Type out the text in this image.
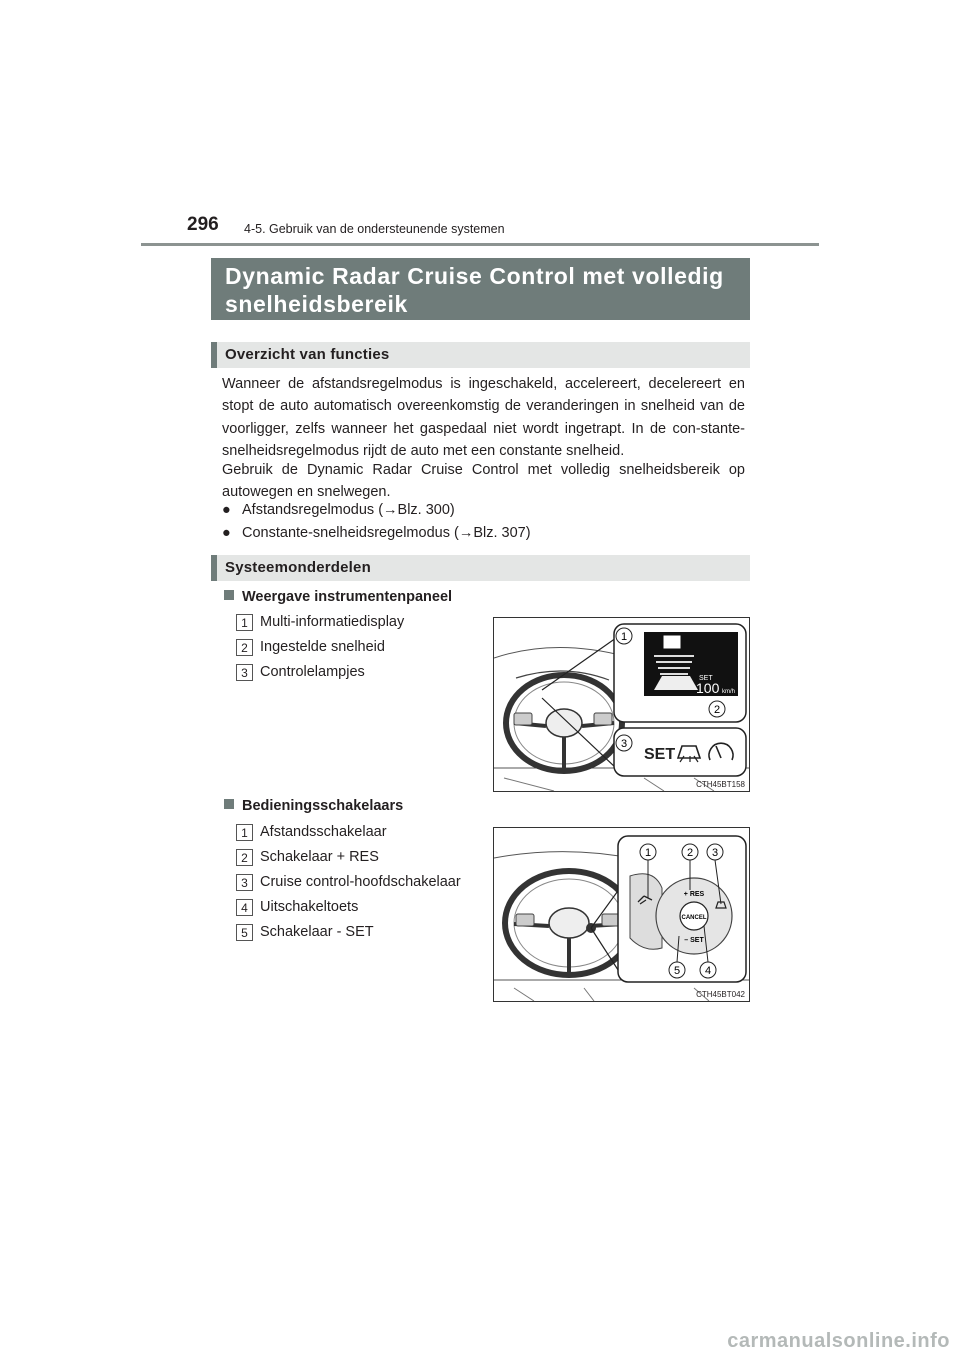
296 4-5. Gebruik van de ondersteunende systemen
Dynamic Radar Cruise Control met volledig snelheidsbereik
Overzicht van functies

Wanneer de afstandsregelmodus is ingeschakeld, accelereert, decelereert en stopt de auto automatisch overeenkomstig de veranderingen in snelheid van de voorligger, zelfs wanneer het gaspedaal niet wordt ingetrapt. In de con-stante-snelheidsregelmodus rijdt de auto met een constante snelheid.

Gebruik de Dynamic Radar Cruise Control met volledig snelheidsbereik op autowegen en snelwegen.

● Afstandsregelmodus (→Blz. 300)
● Constante-snelheidsregelmodus (→Blz. 307)
Systeemonderdelen
Weergave instrumentenpaneel
1 Multi-informatiedisplay
2 Ingestelde snelheid
3 Controlelampjes	SET
100 km/h
SET
1
2
3
CTH45BT158
Bedieningsschakelaars
1 Afstandsschakelaar
2 Schakelaar + RES
3 Cruise control-hoofdschakelaar
4 Uitschakeltoets
5 Schakelaar - SET
CANCEL
+ RES
– SET
1	2 3
4
5
CTH45BT042
carmanualsonline.info
